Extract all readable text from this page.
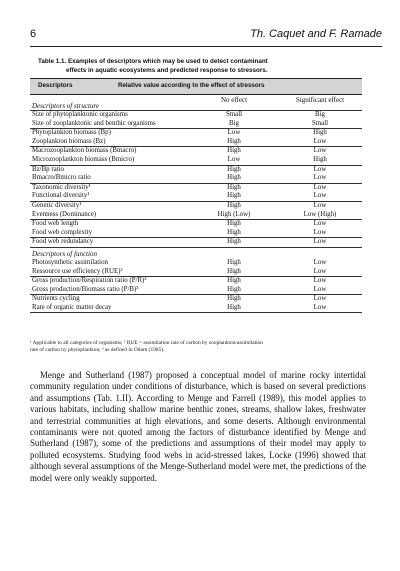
6	Th. Caquet and F. Ramade
Table 1.1. Examples of descriptors which may be used to detect contaminant
effects in aquatic ecosystems and predicted response to stressors.
Descriptors	Relative value according to the effect of stressors
Descriptors of structure
No effect	Significant effect
Size of phytoplanktonic organisms	Small	Big
Size of zooplanktonic and benthic organisms	Big	Small
Phytoplankton biomass (Bp)	Low	High
Zooplankton biomass (Bz)	High	Low
Macrozooplankton biomass (Bmacro)	High	Low
Microzooplankton biomass (Bmicro)	Low	High
Bz/Bp ratio	High	Low
Bmacro/Bmicro ratio	High	Low
Taxonomic diversity¹	High	Low
Functional diversity¹	High	Low
Genetic diversity¹	High	Low
Evenness (Dominance)	High (Low)	Low (High)
Food web length	High	Low
Food web complexity	High	Low
Food web redundancy	High	Low
Descriptors of function
Photosynthetic assimilation	High	Low
Ressource use efficiency (RUE)²	High	Low
Gross production/Respiration ratio (P/R)³	High	Low
Gross production/Biomass ratio (P/B)³	High	Low
Nutrients cycling	High	Low
Rate of organic matter decay	High	Low
¹ Applicable to all categories of organisms; ² RUE = assimilation rate of carbon by zooplankton/assimilation
rate of carbon by phytoplankton; ³ as defined in Odum (1985).
Menge and Sutherland (1987) proposed a conceptual model of marine rocky intertidal community regulation under conditions of disturbance, which is based on several predictions and assumptions (Tab. 1.II). According to Menge and Farrell (1989), this model applies to various habitats, including shallow marine benthic zones, streams, shallow lakes, freshwater and terrestrial communities at high elevations, and some deserts. Although environmental contaminants were not quoted among the factors of disturbance identified by Menge and Sutherland (1987), some of the predictions and assumptions of their model may apply to polluted ecosystems. Studying food webs in acid-stressed lakes, Locke (1996) showed that although several assumptions of the Menge-Sutherland model were met, the predictions of the model were only weakly supported.
